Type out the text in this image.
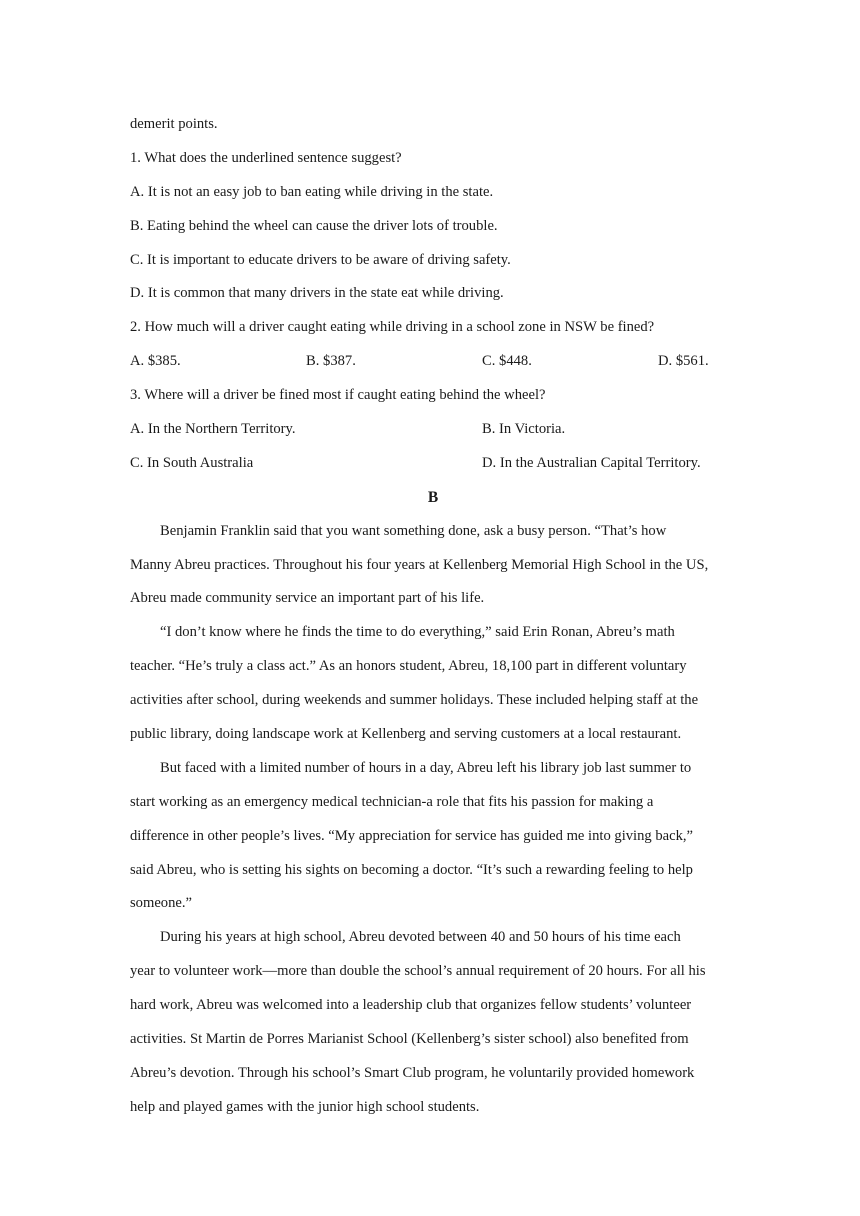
demerit points.
1. What does the underlined sentence suggest?
A. It is not an easy job to ban eating while driving in the state.
B. Eating behind the wheel can cause the driver lots of trouble.
C. It is important to educate drivers to be aware of driving safety.
D. It is common that many drivers in the state eat while driving.
2. How much will a driver caught eating while driving in a school zone in NSW be fined?
A. $385.	B. $387.	C. $448.	D. $561.
3. Where will a driver be fined most if caught eating behind the wheel?
A. In the Northern Territory.	B. In Victoria.
C. In South Australia	D. In the Australian Capital Territory.
B
Benjamin Franklin said that you want something done, ask a busy person. “That’s how
Manny Abreu practices. Throughout his four years at Kellenberg Memorial High School in the US,
Abreu made community service an important part of his life.
“I don’t know where he finds the time to do everything,” said Erin Ronan, Abreu’s math
teacher. “He’s truly a class act.” As an honors student, Abreu, 18,100 part in different voluntary
activities after school, during weekends and summer holidays. These included helping staff at the
public library, doing landscape work at Kellenberg and serving customers at a local restaurant.
But faced with a limited number of hours in a day, Abreu left his library job last summer to
start working as an emergency medical technician-a role that fits his passion for making a
difference in other people’s lives. “My appreciation for service has guided me into giving back,”
said Abreu, who is setting his sights on becoming a doctor. “It’s such a rewarding feeling to help
someone.”
During his years at high school, Abreu devoted between 40 and 50 hours of his time each
year to volunteer work—more than double the school’s annual requirement of 20 hours. For all his
hard work, Abreu was welcomed into a leadership club that organizes fellow students’ volunteer
activities. St Martin de Porres Marianist School (Kellenberg’s sister school) also benefited from
Abreu’s devotion. Through his school’s Smart Club program, he voluntarily provided homework
help and played games with the junior high school students.
